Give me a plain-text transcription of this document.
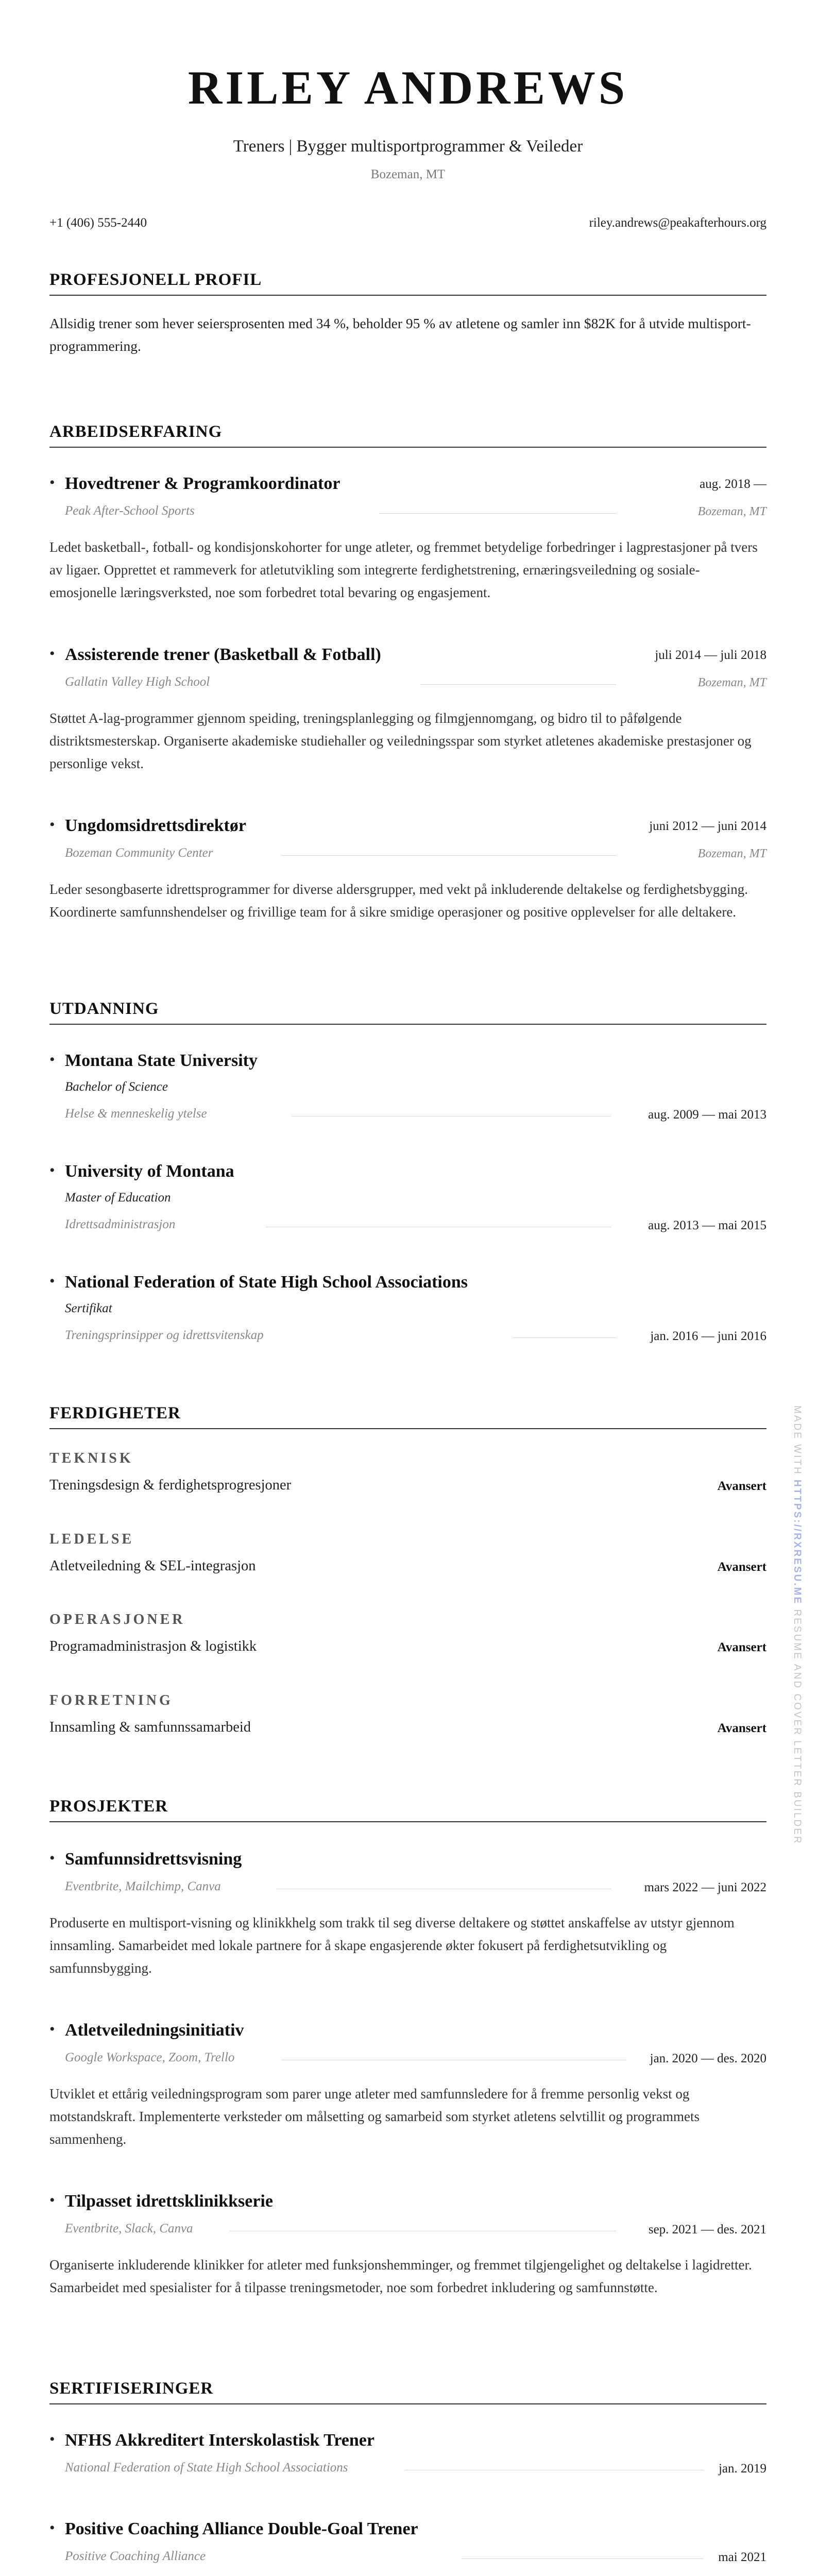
RILEY ANDREWS
Treners | Bygger multisportprogrammer & Veileder
Bozeman, MT
+1 (406) 555-2440	riley.andrews@peakafterhours.org
PROFESJONELL PROFIL
Allsidig trener som hever seiersprosenten med 34 %, beholder 95 % av atletene og samler inn $82K for å utvide multisport-programmering.
ARBEIDSERFARING
• Hovedtrener & Programkoordinator	aug. 2018 —
Peak After-School Sports	Bozeman, MT
Ledet basketball-, fotball- og kondisjonskohorter for unge atleter, og fremmet betydelige forbedringer i lagprestasjoner på tvers av ligaer. Opprettet et rammeverk for atletutvikling som integrerte ferdighetstrening, ernæringsveiledning og sosiale-emosjonelle læringsverksted, noe som forbedret total bevaring og engasjement.
• Assisterende trener (Basketball & Fotball)	juli 2014 — juli 2018
Gallatin Valley High School	Bozeman, MT
Støttet A-lag-programmer gjennom speiding, treningsplanlegging og filmgjennomgang, og bidro til to påfølgende distriktsmesterskap. Organiserte akademiske studiehaller og veiledningsspar som styrket atletenes akademiske prestasjoner og personlige vekst.
• Ungdomsidrettsdirektør	juni 2012 — juni 2014
Bozeman Community Center	Bozeman, MT
Leder sesongbaserte idrettsprogrammer for diverse aldersgrupper, med vekt på inkluderende deltakelse og ferdighetsbygging. Koordinerte samfunnshendelser og frivillige team for å sikre smidige operasjoner og positive opplevelser for alle deltakere.
UTDANNING
• Montana State University
Bachelor of Science
Helse & menneskelig ytelse	aug. 2009 — mai 2013
• University of Montana
Master of Education
Idrettsadministrasjon	aug. 2013 — mai 2015
• National Federation of State High School Associations
Sertifikat
Treningsprinsipper og idrettsvitenskap	jan. 2016 — juni 2016
FERDIGHETER
TEKNISK
Treningsdesign & ferdighetsprogresjoner	Avansert
LEDELSE
Atletveiledning & SEL-integrasjon	Avansert
OPERASJONER
Programadministrasjon & logistikk	Avansert
FORRETNING
Innsamling & samfunnssamarbeid	Avansert
PROSJEKTER
• Samfunnsidrettsvisning
Eventbrite, Mailchimp, Canva	mars 2022 — juni 2022
Produserte en multisport-visning og klinikkhelg som trakk til seg diverse deltakere og støttet anskaffelse av utstyr gjennom innsamling. Samarbeidet med lokale partnere for å skape engasjerende økter fokusert på ferdighetsutvikling og samfunnsbygging.
• Atletveiledningsinitiativ
Google Workspace, Zoom, Trello	jan. 2020 — des. 2020
Utviklet et ettårig veiledningsprogram som parer unge atleter med samfunnsledere for å fremme personlig vekst og motstandskraft. Implementerte verksteder om målsetting og samarbeid som styrket atletens selvtillit og programmets sammenheng.
• Tilpasset idrettsklinikkserie
Eventbrite, Slack, Canva	sep. 2021 — des. 2021
Organiserte inkluderende klinikker for atleter med funksjonshemminger, og fremmet tilgjengelighet og deltakelse i lagidretter. Samarbeidet med spesialister for å tilpasse treningsmetoder, noe som forbedret inkludering og samfunnstøtte.
SERTIFISERINGER
• NFHS Akkreditert Interskolastisk Trener
National Federation of State High School Associations	jan. 2019
• Positive Coaching Alliance Double-Goal Trener
Positive Coaching Alliance	mai 2021
MADE WITH HTTPS://RXRESU.ME RESUME AND COVER LETTER BUILDER
